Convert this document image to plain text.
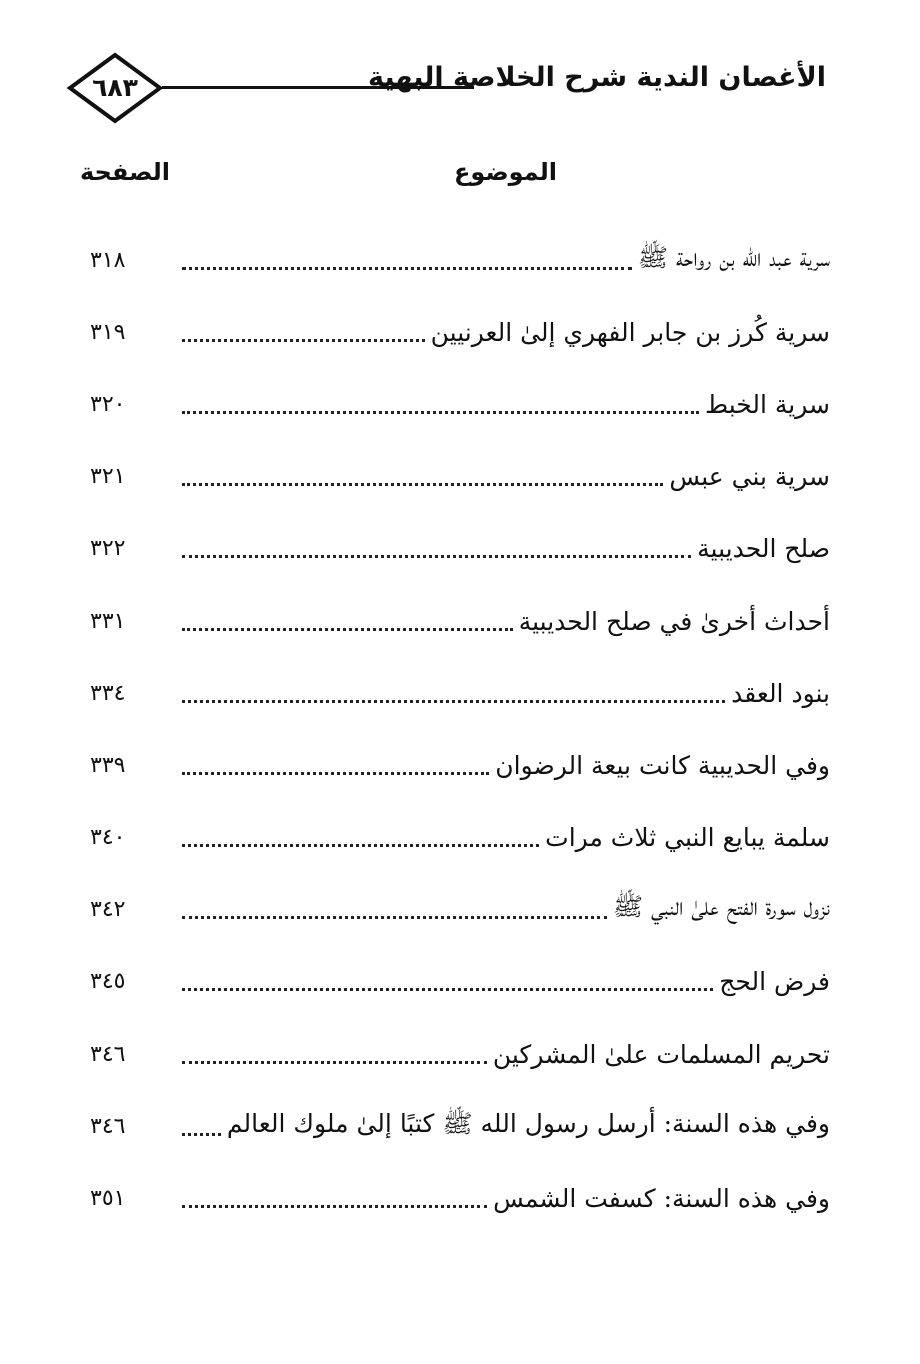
٦٨٣	الأغصان الندية شرح الخلاصة البهية
الصفحة	الموضوع
سرية عبد الله بن رواحة ﷺ
٣١٨
سرية كُرز بن جابر الفهري إلىٰ العرنيين
٣١٩
سرية الخبط
٣٢٠
سرية بني عبس
٣٢١
صلح الحديبية
٣٢٢
أحداث أخرىٰ في صلح الحديبية
٣٣١
بنود العقد
٣٣٤
وفي الحديبية كانت بيعة الرضوان
٣٣٩
سلمة يبايع النبي ثلاث مرات
٣٤٠
نزول سورة الفتح علىٰ النبي ﷺ
٣٤٢
فرض الحج
٣٤٥
تحريم المسلمات علىٰ المشركين
٣٤٦
وفي هذه السنة: أرسل رسول الله ﷺ كتبًا إلىٰ ملوك العالم
٣٤٦
وفي هذه السنة: كسفت الشمس
٣٥١
